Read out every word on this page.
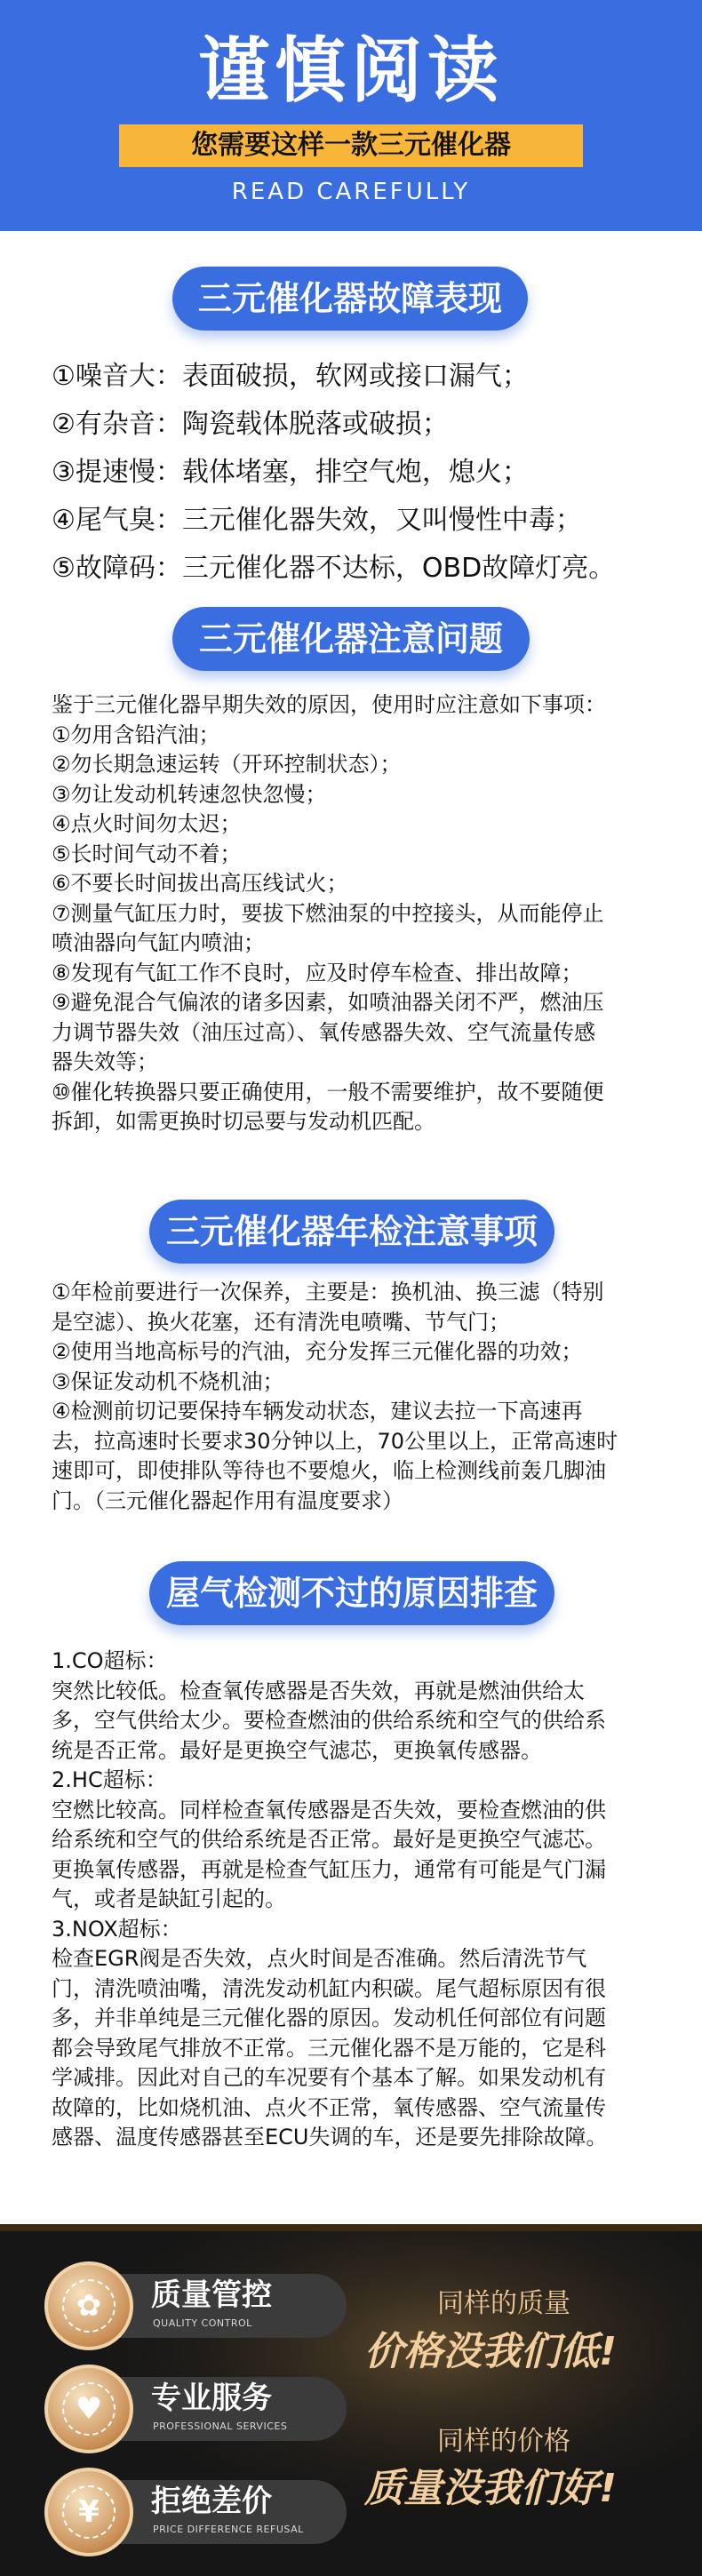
谨慎阅读
您需要这样一款三元催化器
READ CAREFULLY
三元催化器故障表现
①噪音大：表面破损，软网或接口漏气；
②有杂音：陶瓷载体脱落或破损；
③提速慢：载体堵塞，排空气炮，熄火；
④尾气臭：三元催化器失效，又叫慢性中毒；
⑤故障码：三元催化器不达标，OBD故障灯亮。
三元催化器注意问题
鉴于三元催化器早期失效的原因，使用时应注意如下事项：
①勿用含铅汽油；
②勿长期急速运转（开环控制状态）；
③勿让发动机转速忽快忽慢；
④点火时间勿太迟；
⑤长时间气动不着；
⑥不要长时间拔出高压线试火；
⑦测量气缸压力时，要拔下燃油泵的中控接头，从而能停止
喷油器向气缸内喷油；
⑧发现有气缸工作不良时，应及时停车检查、排出故障；
⑨避免混合气偏浓的诸多因素，如喷油器关闭不严，燃油压
力调节器失效（油压过高）、氧传感器失效、空气流量传感
器失效等；
⑩催化转换器只要正确使用，一般不需要维护，故不要随便
拆卸，如需更换时切忌要与发动机匹配。
三元催化器年检注意事项
①年检前要进行一次保养，主要是：换机油、换三滤（特别
是空滤）、换火花塞，还有清洗电喷嘴、节气门；
②使用当地高标号的汽油，充分发挥三元催化器的功效；
③保证发动机不烧机油；
④检测前切记要保持车辆发动状态，建议去拉一下高速再
去，拉高速时长要求30分钟以上，70公里以上，正常高速时
速即可，即使排队等待也不要熄火，临上检测线前轰几脚油
门。（三元催化器起作用有温度要求）
屋气检测不过的原因排查
1.CO超标：
突然比较低。检查氧传感器是否失效，再就是燃油供给太
多，空气供给太少。要检查燃油的供给系统和空气的供给系
统是否正常。最好是更换空气滤芯，更换氧传感器。
2.HC超标：
空燃比较高。同样检查氧传感器是否失效，要检查燃油的供
给系统和空气的供给系统是否正常。最好是更换空气滤芯。
更换氧传感器，再就是检查气缸压力，通常有可能是气门漏
气，或者是缺缸引起的。
3.NOX超标：
检查EGR阀是否失效，点火时间是否准确。然后清洗节气
门，清洗喷油嘴，清洗发动机缸内积碳。尾气超标原因有很
多，并非单纯是三元催化器的原因。发动机任何部位有问题
都会导致尾气排放不正常。三元催化器不是万能的，它是科
学减排。因此对自己的车况要有个基本了解。如果发动机有
故障的，比如烧机油、点火不正常，氧传感器、空气流量传
感器、温度传感器甚至ECU失调的车，还是要先排除故障。
质量管控
QUALITY CONTROL
✿
专业服务
PROFESSIONAL SERVICES
♥
拒绝差价
PRICE DIFFERENCE REFUSAL
¥
同样的质量
价格没我们低!
同样的价格
质量没我们好!
